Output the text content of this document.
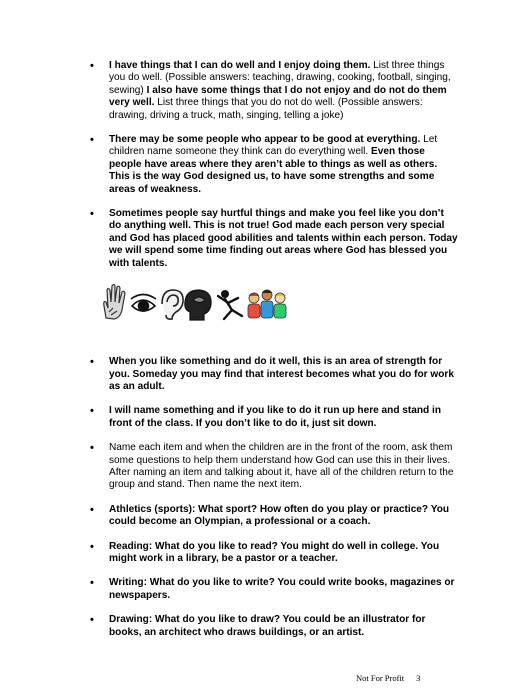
• I have things that I can do well and I enjoy doing them. List three things you do well. (Possible answers: teaching, drawing, cooking, football, singing, sewing) I also have some things that I do not enjoy and do not do them very well. List three things that you do not do well. (Possible answers: drawing, driving a truck, math, singing, telling a joke)
• There may be some people who appear to be good at everything. Let children name someone they think can do everything well. Even those people have areas where they aren’t able to things as well as others. This is the way God designed us, to have some strengths and some areas of weakness.
• Sometimes people say hurtful things and make you feel like you don’t do anything well. This is not true! God made each person very special and God has placed good abilities and talents within each person. Today we will spend some time finding out areas where God has blessed you with talents.
• When you like something and do it well, this is an area of strength for you. Someday you may find that interest becomes what you do for work as an adult.
• I will name something and if you like to do it run up here and stand in front of the class. If you don’t like to do it, just sit down.
• Name each item and when the children are in the front of the room, ask them some questions to help them understand how God can use this in their lives. After naming an item and talking about it, have all of the children return to the group and stand. Then name the next item.
• Athletics (sports): What sport? How often do you play or practice? You could become an Olympian, a professional or a coach.
• Reading: What do you like to read? You might do well in college. You might work in a library, be a pastor or a teacher.
• Writing: What do you like to write? You could write books, magazines or newspapers.
• Drawing: What do you like to draw? You could be an illustrator for books, an architect who draws buildings, or an artist.
Not For Profit 3
